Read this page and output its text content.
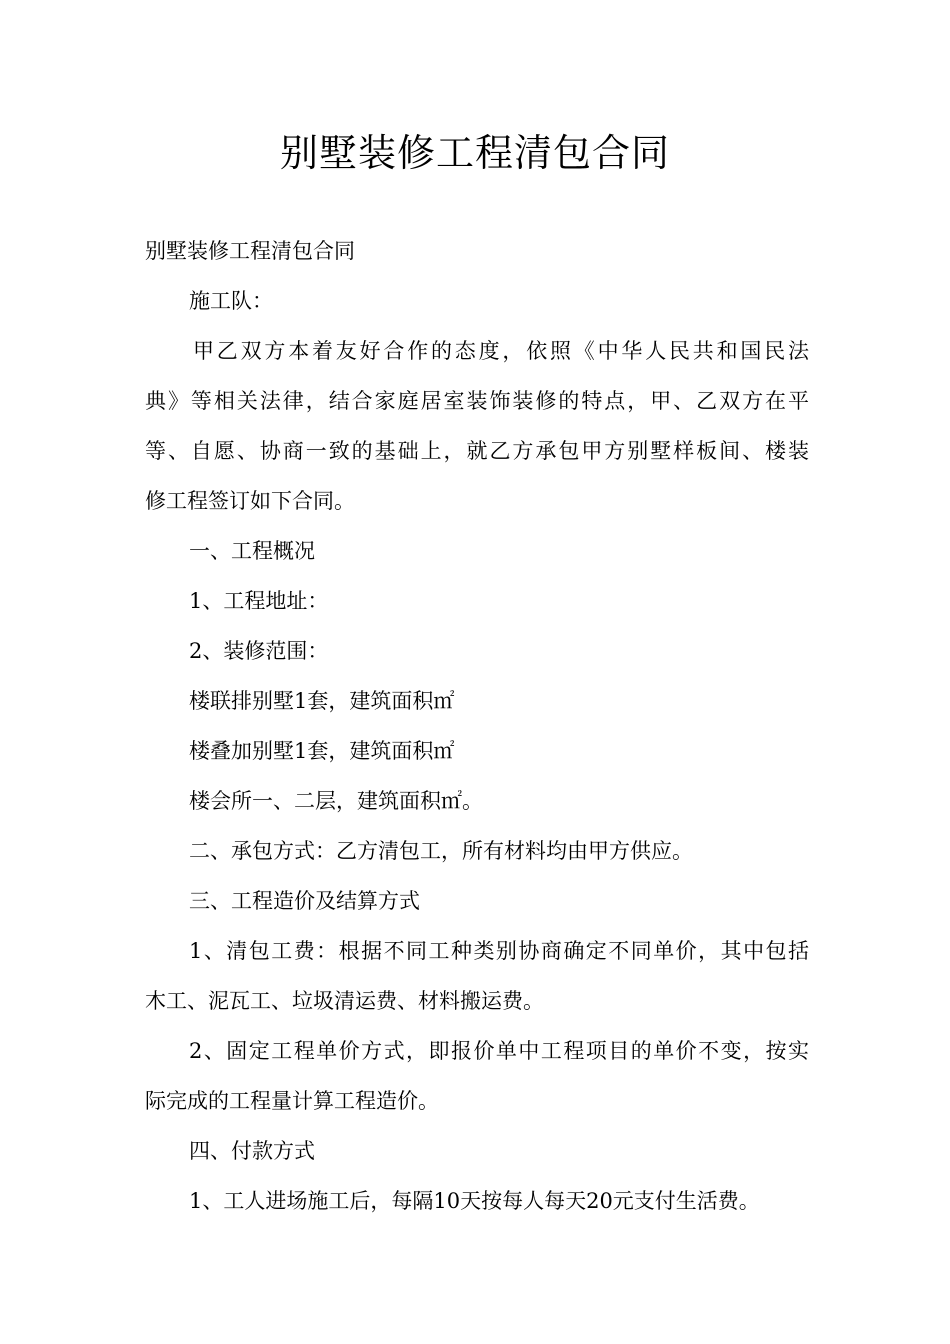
别墅装修工程清包合同

别墅装修工程清包合同

施工队：

甲乙双方本着友好合作的态度，依照《中华人民共和国民法
典》等相关法律，结合家庭居室装饰装修的特点，甲、乙双方在平
等、自愿、协商一致的基础上，就乙方承包甲方别墅样板间、楼装
修工程签订如下合同。

一、工程概况

1、工程地址：

2、装修范围：

楼联排别墅1套，建筑面积㎡

楼叠加别墅1套，建筑面积㎡

楼会所一、二层，建筑面积㎡。

二、承包方式：乙方清包工，所有材料均由甲方供应。

三、工程造价及结算方式

1、清包工费：根据不同工种类别协商确定不同单价，其中包括
木工、泥瓦工、垃圾清运费、材料搬运费。
2、固定工程单价方式，即报价单中工程项目的单价不变，按实
际完成的工程量计算工程造价。

四、付款方式

1、工人进场施工后，每隔10天按每人每天20元支付生活费。
